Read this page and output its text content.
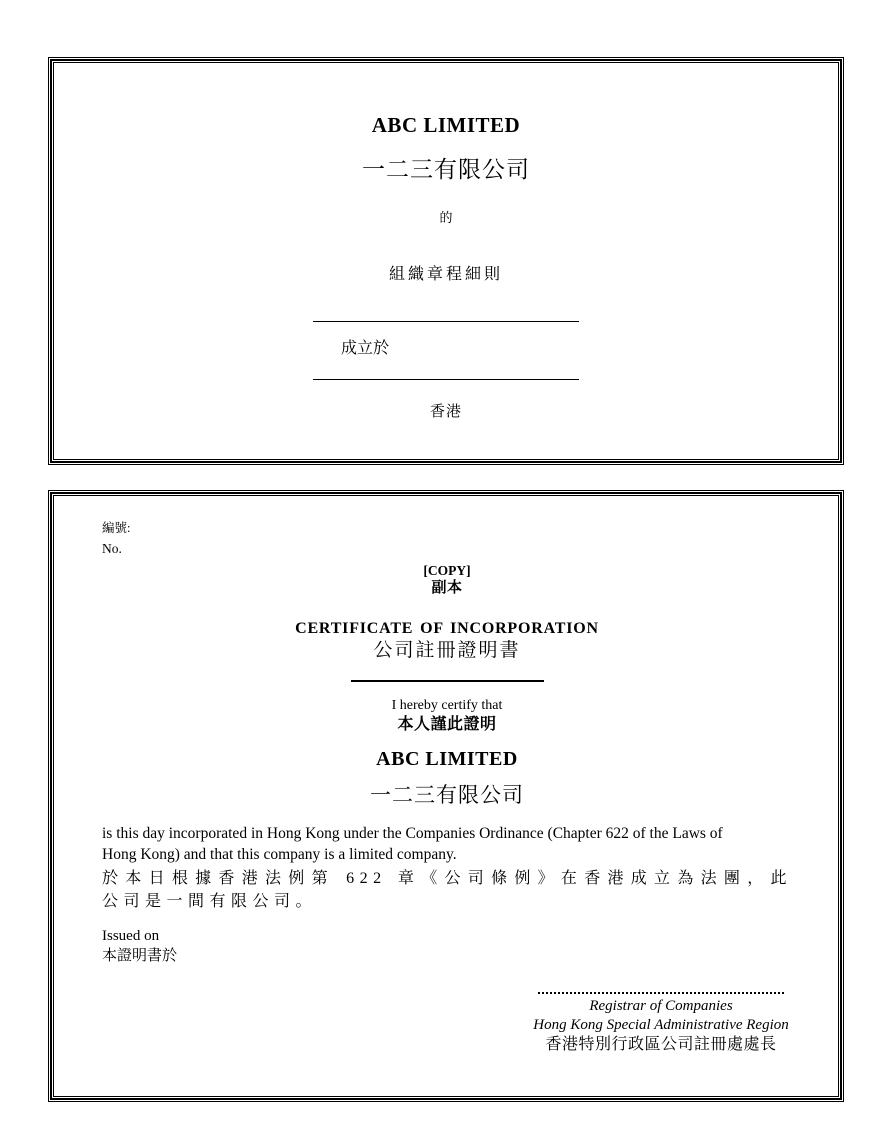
ABC LIMITED
一二三有限公司
的
組織章程細則
成立於
香港
編號:
No.
[COPY]
副本
CERTIFICATE OF INCORPORATION
公司註冊證明書
I hereby certify that
本人謹此證明
ABC LIMITED
一二三有限公司
is this day incorporated in Hong Kong under the Companies Ordinance (Chapter 622 of the Laws of
Hong Kong) and that this company is a limited company.
於本日根據香港法例第 622 章《公司條例》在香港成立為法團，此
公司是一間有限公司。
Issued on
本證明書於
Registrar of Companies
Hong Kong Special Administrative Region
香港特別行政區公司註冊處處長
